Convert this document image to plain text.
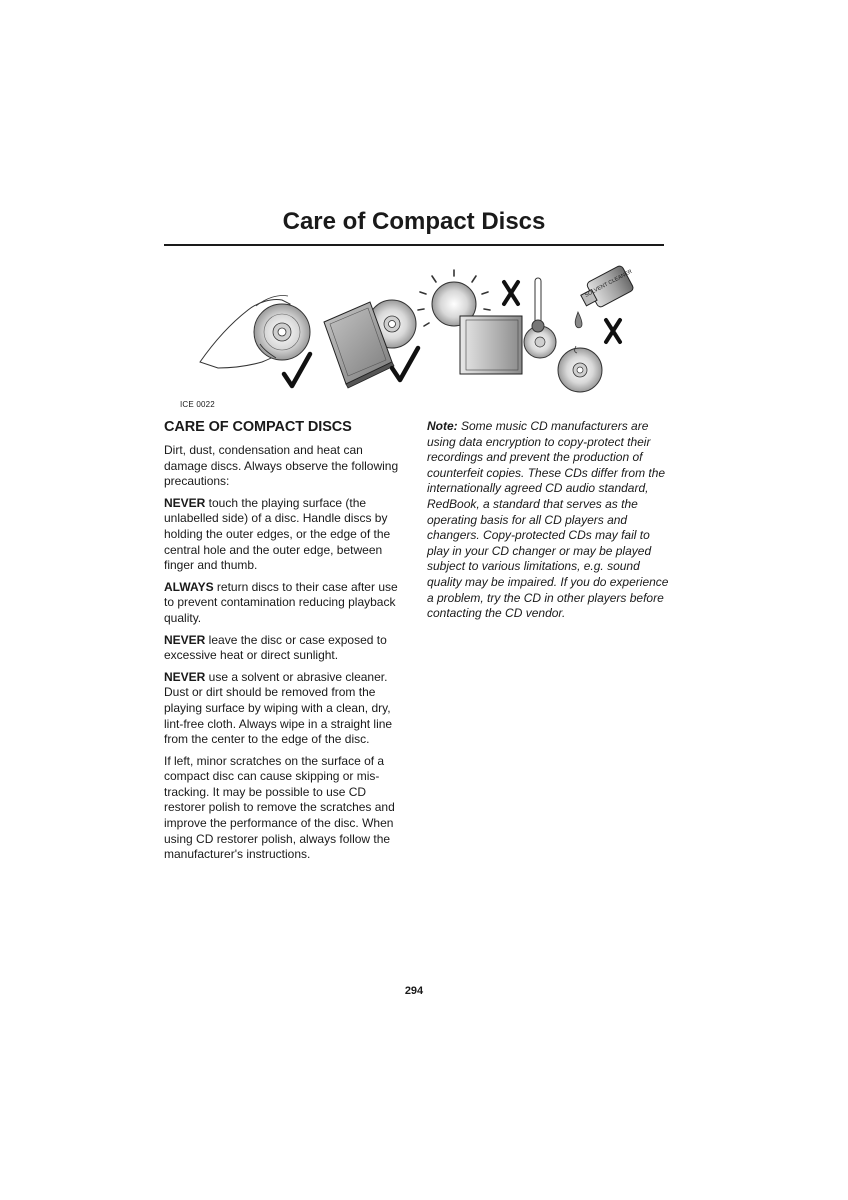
Care of Compact Discs
SOLVENT CLEANER
ICE 0022
CARE OF COMPACT DISCS

Dirt, dust, condensation and heat can damage discs. Always observe the following precautions:

NEVER touch the playing surface (the unlabelled side) of a disc. Handle discs by holding the outer edges, or the edge of the central hole and the outer edge, between finger and thumb.

ALWAYS return discs to their case after use to prevent contamination reducing playback quality.

NEVER leave the disc or case exposed to excessive heat or direct sunlight.

NEVER use a solvent or abrasive cleaner. Dust or dirt should be removed from the playing surface by wiping with a clean, dry, lint-free cloth. Always wipe in a straight line from the center to the edge of the disc.

If left, minor scratches on the surface of a compact disc can cause skipping or mis-tracking. It may be possible to use CD restorer polish to remove the scratches and improve the performance of the disc. When using CD restorer polish, always follow the manufacturer's instructions.

Note: Some music CD manufacturers are using data encryption to copy-protect their recordings and prevent the production of counterfeit copies. These CDs differ from the internationally agreed CD audio standard, RedBook, a standard that serves as the operating basis for all CD players and changers. Copy-protected CDs may fail to play in your CD changer or may be played subject to various limitations, e.g. sound quality may be impaired. If you do experience a problem, try the CD in other players before contacting the CD vendor.

294
